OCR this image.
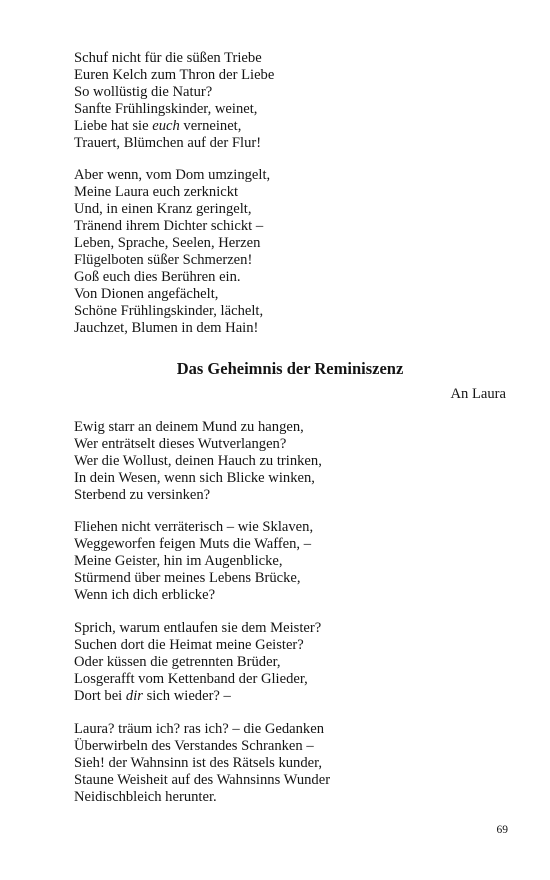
Schuf nicht für die süßen Triebe
Euren Kelch zum Thron der Liebe
So wollüstig die Natur?
Sanfte Frühlingskinder, weinet,
Liebe hat sie euch verneinet,
Trauert, Blümchen auf der Flur!
Aber wenn, vom Dom umzingelt,
Meine Laura euch zerknickt
Und, in einen Kranz geringelt,
Tränend ihrem Dichter schickt –
Leben, Sprache, Seelen, Herzen
Flügelboten süßer Schmerzen!
Goß euch dies Berühren ein.
Von Dionen angefächelt,
Schöne Frühlingskinder, lächelt,
Jauchzet, Blumen in dem Hain!
Das Geheimnis der Reminiszenz
An Laura
Ewig starr an deinem Mund zu hangen,
Wer enträtselt dieses Wutverlangen?
Wer die Wollust, deinen Hauch zu trinken,
In dein Wesen, wenn sich Blicke winken,
Sterbend zu versinken?
Fliehen nicht verräterisch – wie Sklaven,
Weggeworfen feigen Muts die Waffen, –
Meine Geister, hin im Augenblicke,
Stürmend über meines Lebens Brücke,
Wenn ich dich erblicke?
Sprich, warum entlaufen sie dem Meister?
Suchen dort die Heimat meine Geister?
Oder küssen die getrennten Brüder,
Losgerafft vom Kettenband der Glieder,
Dort bei dir sich wieder? –
Laura? träum ich? ras ich? – die Gedanken
Überwirbeln des Verstandes Schranken –
Sieh! der Wahnsinn ist des Rätsels kunder,
Staune Weisheit auf des Wahnsinns Wunder
Neidischbleich herunter.
69
